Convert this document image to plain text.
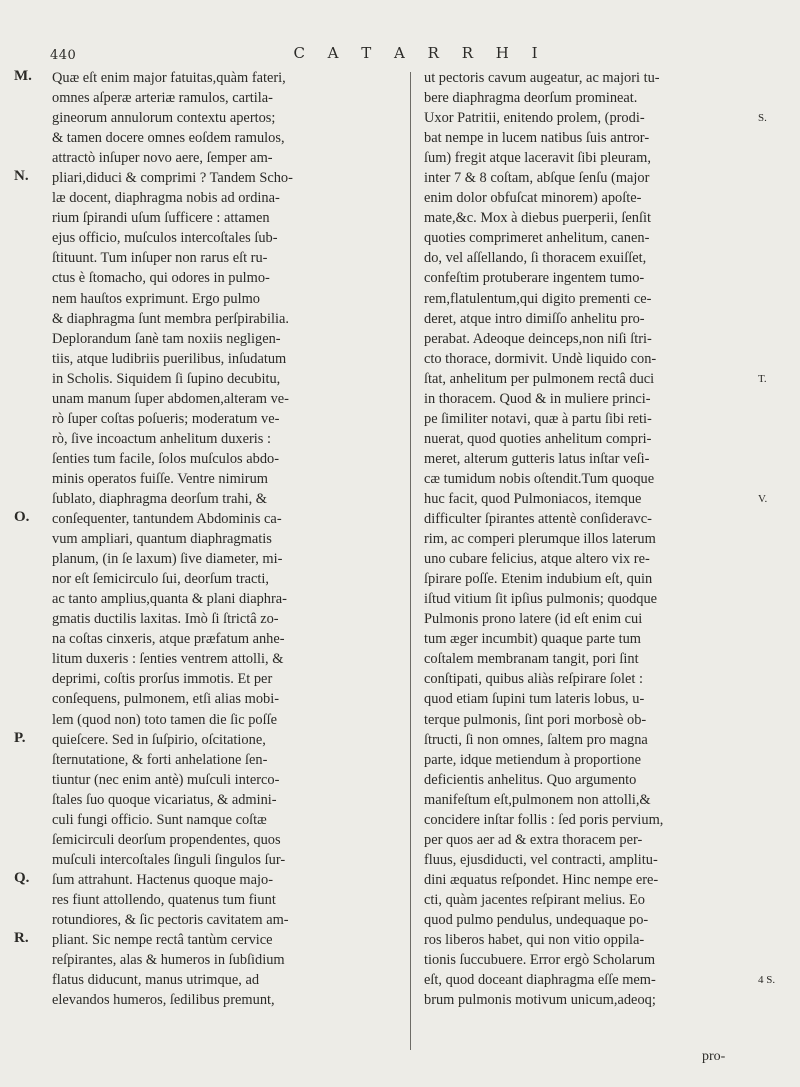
440	C A T A R R H I
Quæ eſt enim major fatuitas,quàm fateri,
omnes aſperæ arteriæ ramulos, cartila-
gineorum annulorum contextu apertos;
& tamen docere omnes eoſdem ramulos,
attractò inſuper novo aere, ſemper am-
pliari,diduci & comprimi ? Tandem Scho-
læ docent, diaphragma nobis ad ordina-
rium ſpirandi uſum ſufficere : attamen
ejus officio, muſculos intercoſtales ſub-
ſtituunt. Tum inſuper non rarus eſt ru-
ctus è ſtomacho, qui odores in pulmo-
nem hauſtos exprimunt. Ergo pulmo
& diaphragma ſunt membra perſpirabilia.
Deplorandum ſanè tam noxiis negligen-
tiis, atque ludibriis puerilibus, inſudatum
in Scholis. Siquidem ſi ſupino decubitu,
unam manum ſuper abdomen,alteram ve-
rò ſuper coſtas poſueris; moderatum ve-
rò, ſive incoactum anhelitum duxeris :
ſenties tum facile, ſolos muſculos abdo-
minis operatos fuiſſe. Ventre nimirum
ſublato, diaphragma deorſum trahi, &
conſequenter, tantundem Abdominis ca-
vum ampliari, quantum diaphragmatis
planum, (in ſe laxum) ſive diameter, mi-
nor eſt ſemicirculo ſui, deorſum tracti,
ac tanto amplius,quanta & plani diaphra-
gmatis ductilis laxitas. Imò ſi ſtrictâ zo-
na coſtas cinxeris, atque præfatum anhe-
litum duxeris : ſenties ventrem attolli, &
deprimi, coſtis prorſus immotis. Et per
conſequens, pulmonem, etſi alias mobi-
lem (quod non) toto tamen die ſic poſſe
quieſcere. Sed in ſuſpirio, oſcitatione,
ſternutatione, & forti anhelatione ſen-
tiuntur (nec enim antè) muſculi interco-
ſtales ſuo quoque vicariatus, & admini-
culi fungi officio. Sunt namque coſtæ
ſemicirculi deorſum propendentes, quos
muſculi intercoſtales ſinguli ſingulos ſur-
ſum attrahunt. Hactenus quoque majo-
res fiunt attollendo, quatenus tum fiunt
rotundiores, & ſic pectoris cavitatem am-
pliant. Sic nempe rectâ tantùm cervice
reſpirantes, alas & humeros in ſubſidium
flatus diducunt, manus utrimque, ad
elevandos humeros, ſedilibus premunt,
ut pectoris cavum augeatur, ac majori tu-
bere diaphragma deorſum promineat.
Uxor Patritii, enitendo prolem, (prodi-
bat nempe in lucem natibus ſuis antror-
ſum) fregit atque laceravit ſibi pleuram,
inter 7 & 8 coſtam, abſque ſenſu (major
enim dolor obfuſcat minorem) apoſte-
mate,&c. Mox à diebus puerperii, ſenſit
quoties comprimeret anhelitum, canen-
do, vel aſſellando, ſi thoracem exuiſſet,
confeſtim protuberare ingentem tumo-
rem,flatulentum,qui digito prementi ce-
deret, atque intro dimiſſo anhelitu pro-
perabat. Adeoque deinceps,non niſi ſtri-
cto thorace, dormivit. Undè liquido con-
ſtat, anhelitum per pulmonem rectâ duci
in thoracem. Quod & in muliere princi-
pe ſimiliter notavi, quæ à partu ſibi reti-
nuerat, quod quoties anhelitum compri-
meret, alterum gutteris latus inſtar veſi-
cæ tumidum nobis oſtendit.Tum quoque
huc facit, quod Pulmoniacos, itemque
difficulter ſpirantes attentè conſideravc-
rim, ac comperi plerumque illos laterum
uno cubare felicius, atque altero vix re-
ſpirare poſſe. Etenim indubium eſt, quin
iſtud vitium ſit ipſius pulmonis; quodque
Pulmonis prono latere (id eſt enim cui
tum æger incumbit) quaque parte tum
coſtalem membranam tangit, pori ſint
conſtipati, quibus aliàs reſpirare ſolet :
quod etiam ſupini tum lateris lobus, u-
terque pulmonis, ſint pori morbosè ob-
ſtructi, ſi non omnes, ſaltem pro magna
parte, idque metiendum à proportione
deficientis anhelitus. Quo argumento
manifeſtum eſt,pulmonem non attolli,&
concidere inſtar follis : ſed poris pervium,
per quos aer ad & extra thoracem per-
fluus, ejusdiducti, vel contracti, amplitu-
dini æquatus reſpondet. Hinc nempe ere-
cti, quàm jacentes reſpirant melius. Eo
quod pulmo pendulus, undequaque po-
ros liberos habet, qui non vitio oppila-
tionis ſuccubuere. Error ergò Scholarum
eſt, quod doceant diaphragma eſſe mem-
brum pulmonis motivum unicum,adeoq;
M.
N.
O.
P.
Q.
R.
S.
T.
V.
4 S.
pro-
